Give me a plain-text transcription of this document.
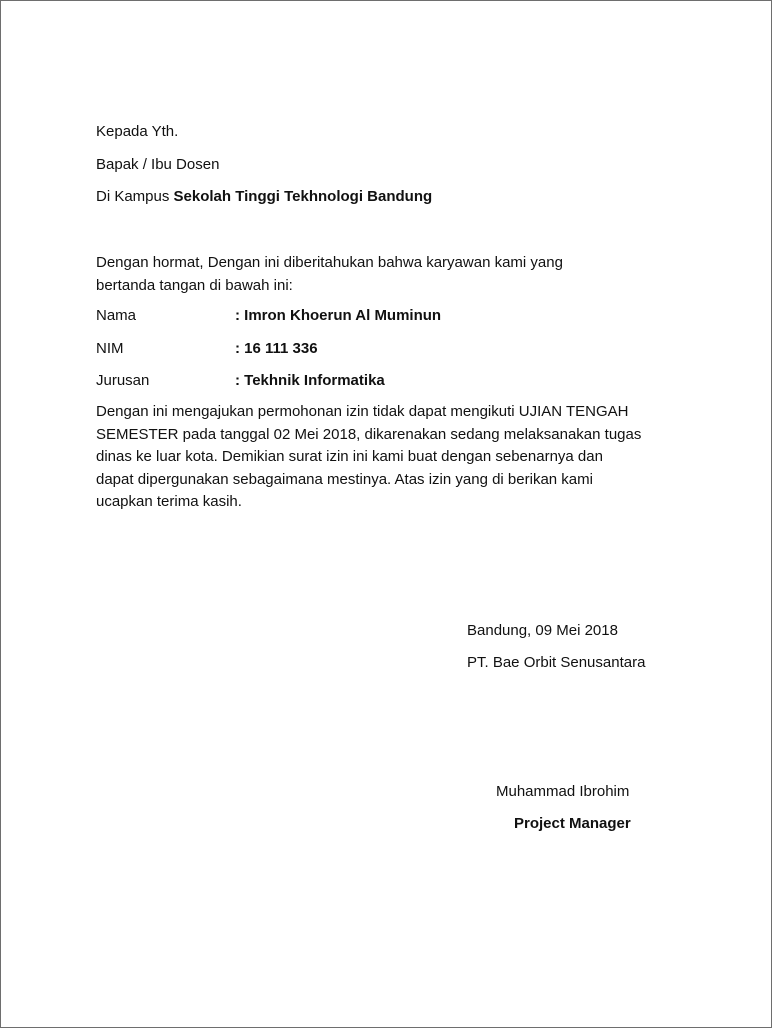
Kepada Yth.
Bapak / Ibu Dosen
Di Kampus Sekolah Tinggi Tekhnologi Bandung
Dengan hormat, Dengan ini diberitahukan bahwa karyawan kami yang
bertanda tangan di bawah ini:
Nama	: Imron Khoerun Al Muminun
NIM	: 16 111 336
Jurusan	: Tekhnik Informatika
Dengan ini mengajukan permohonan izin tidak dapat mengikuti UJIAN TENGAH
SEMESTER pada tanggal 02 Mei 2018, dikarenakan sedang melaksanakan tugas
dinas ke luar kota. Demikian surat izin ini kami buat dengan sebenarnya dan
dapat dipergunakan sebagaimana mestinya. Atas izin yang di berikan kami
ucapkan terima kasih.
Bandung, 09 Mei 2018
PT. Bae Orbit Senusantara
Muhammad Ibrohim
Project Manager
